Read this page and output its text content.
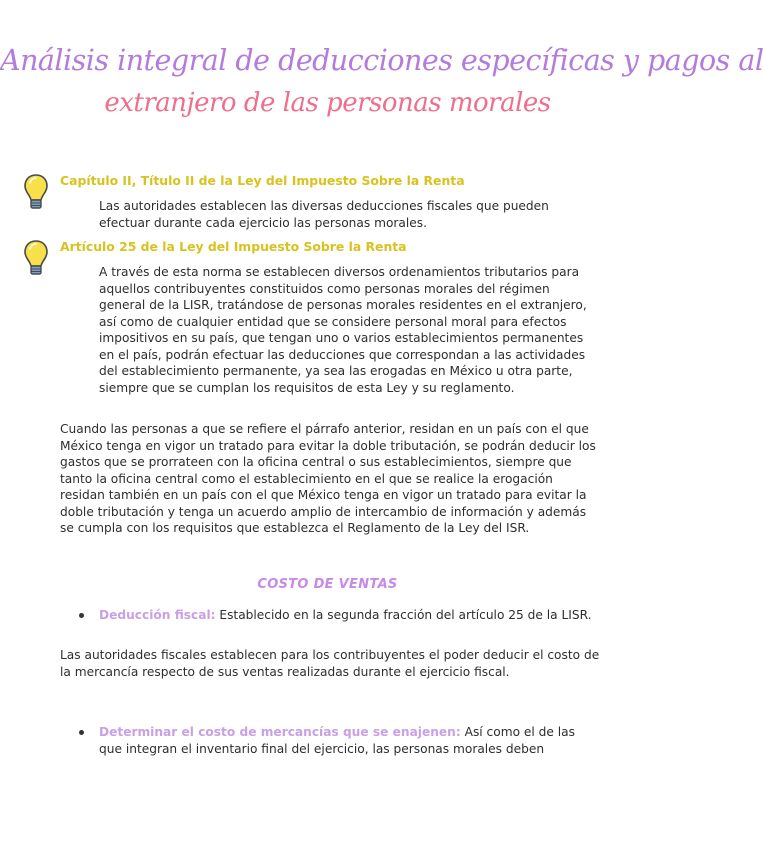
Análisis integral de deducciones específicas y pagos al
extranjero de las personas morales
Capítulo II, Título II de la Ley del Impuesto Sobre la Renta

Las autoridades establecen las diversas deducciones fiscales que pueden efectuar durante cada ejercicio las personas morales.

Artículo 25 de la Ley del Impuesto Sobre la Renta

A través de esta norma se establecen diversos ordenamientos tributarios para aquellos contribuyentes constituidos como personas morales del régimen general de la LISR, tratándose de personas morales residentes en el extranjero, así como de cualquier entidad que se considere personal moral para efectos impositivos en su país, que tengan uno o varios establecimientos permanentes en el país, podrán efectuar las deducciones que correspondan a las actividades del establecimiento permanente, ya sea las erogadas en México u otra parte, siempre que se cumplan los requisitos de esta Ley y su reglamento.

Cuando las personas a que se refiere el párrafo anterior, residan en un país con el que México tenga en vigor un tratado para evitar la doble tributación, se podrán deducir los gastos que se prorrateen con la oficina central o sus establecimientos, siempre que tanto la oficina central como el establecimiento en el que se realice la erogación residan también en un país con el que México tenga en vigor un tratado para evitar la doble tributación y tenga un acuerdo amplio de intercambio de información y además se cumpla con los requisitos que establezca el Reglamento de la Ley del ISR.

COSTO DE VENTAS
Deducción fiscal: Establecido en la segunda fracción del artículo 25 de la LISR.

Las autoridades fiscales establecen para los contribuyentes el poder deducir el costo de la mercancía respecto de sus ventas realizadas durante el ejercicio fiscal.

Determinar el costo de mercancías que se enajenen: Así como el de las que integran el inventario final del ejercicio, las personas morales deben
